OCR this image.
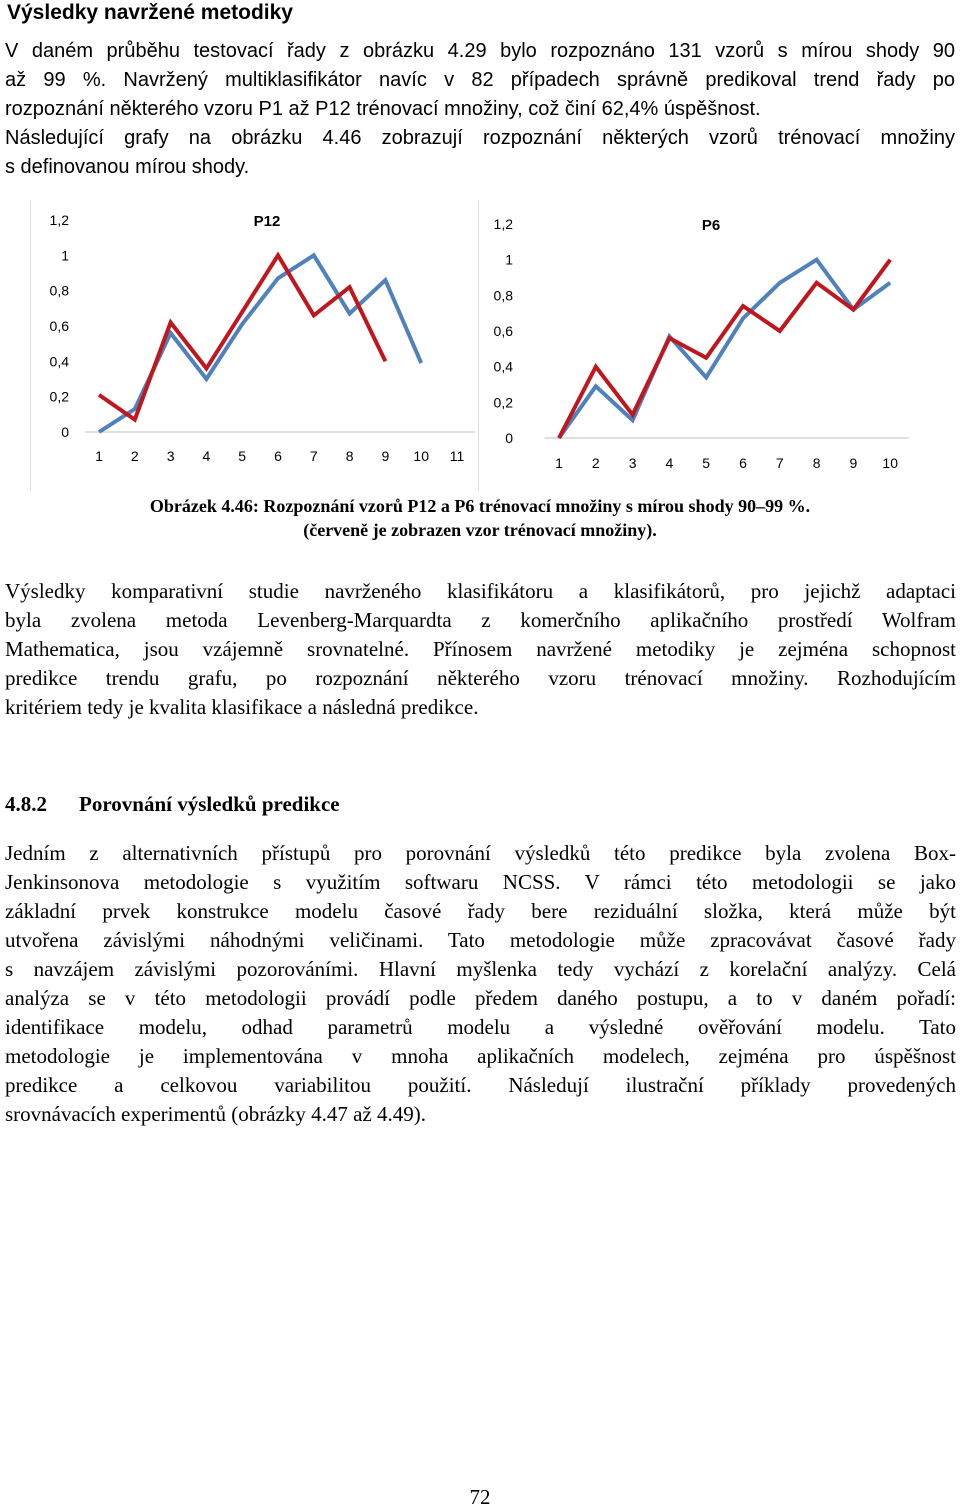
Výsledky navržené metodiky
V daném průběhu testovací řady z obrázku 4.29 bylo rozpoznáno 131 vzorů s mírou shody 90
až 99 %. Navržený multiklasifikátor navíc v 82 případech správně predikoval trend řady po
rozpoznání některého vzoru P1 až P12 trénovací množiny, což činí 62,4% úspěšnost.
Následující grafy na obrázku 4.46 zobrazují rozpoznání některých vzorů trénovací množiny
s definovanou mírou shody.
0
0,2
0,4
0,6
0,8
1
1,2
1 2 3 4 5 6 7 8 9 10 11
P12
0
0,2
0,4
0,6
0,8
1
1,2
1 2 3 4 5 6 7 8 9 10
P6
Obrázek 4.46: Rozpoznání vzorů P12 a P6 trénovací množiny s mírou shody 90–99 %.
(červeně je zobrazen vzor trénovací množiny).
Výsledky komparativní studie navrženého klasifikátoru a klasifikátorů, pro jejichž adaptaci
byla zvolena metoda Levenberg-Marquardta z komerčního aplikačního prostředí Wolfram
Mathematica, jsou vzájemně srovnatelné. Přínosem navržené metodiky je zejména schopnost
predikce trendu grafu, po rozpoznání některého vzoru trénovací množiny. Rozhodujícím
kritériem tedy je kvalita klasifikace a následná predikce.
4.8.2 Porovnání výsledků predikce
Jedním z alternativních přístupů pro porovnání výsledků této predikce byla zvolena Box-
Jenkinsonova metodologie s využitím softwaru NCSS. V rámci této metodologii se jako
základní prvek konstrukce modelu časové řady bere reziduální složka, která může být
utvořena závislými náhodnými veličinami. Tato metodologie může zpracovávat časové řady
s navzájem závislými pozorováními. Hlavní myšlenka tedy vychází z korelační analýzy. Celá
analýza se v této metodologii provádí podle předem daného postupu, a to v daném pořadí:
identifikace modelu, odhad parametrů modelu a výsledné ověřování modelu. Tato
metodologie je implementována v mnoha aplikačních modelech, zejména pro úspěšnost
predikce a celkovou variabilitou použití. Následují ilustrační příklady provedených
srovnávacích experimentů (obrázky 4.47 až 4.49).
72
